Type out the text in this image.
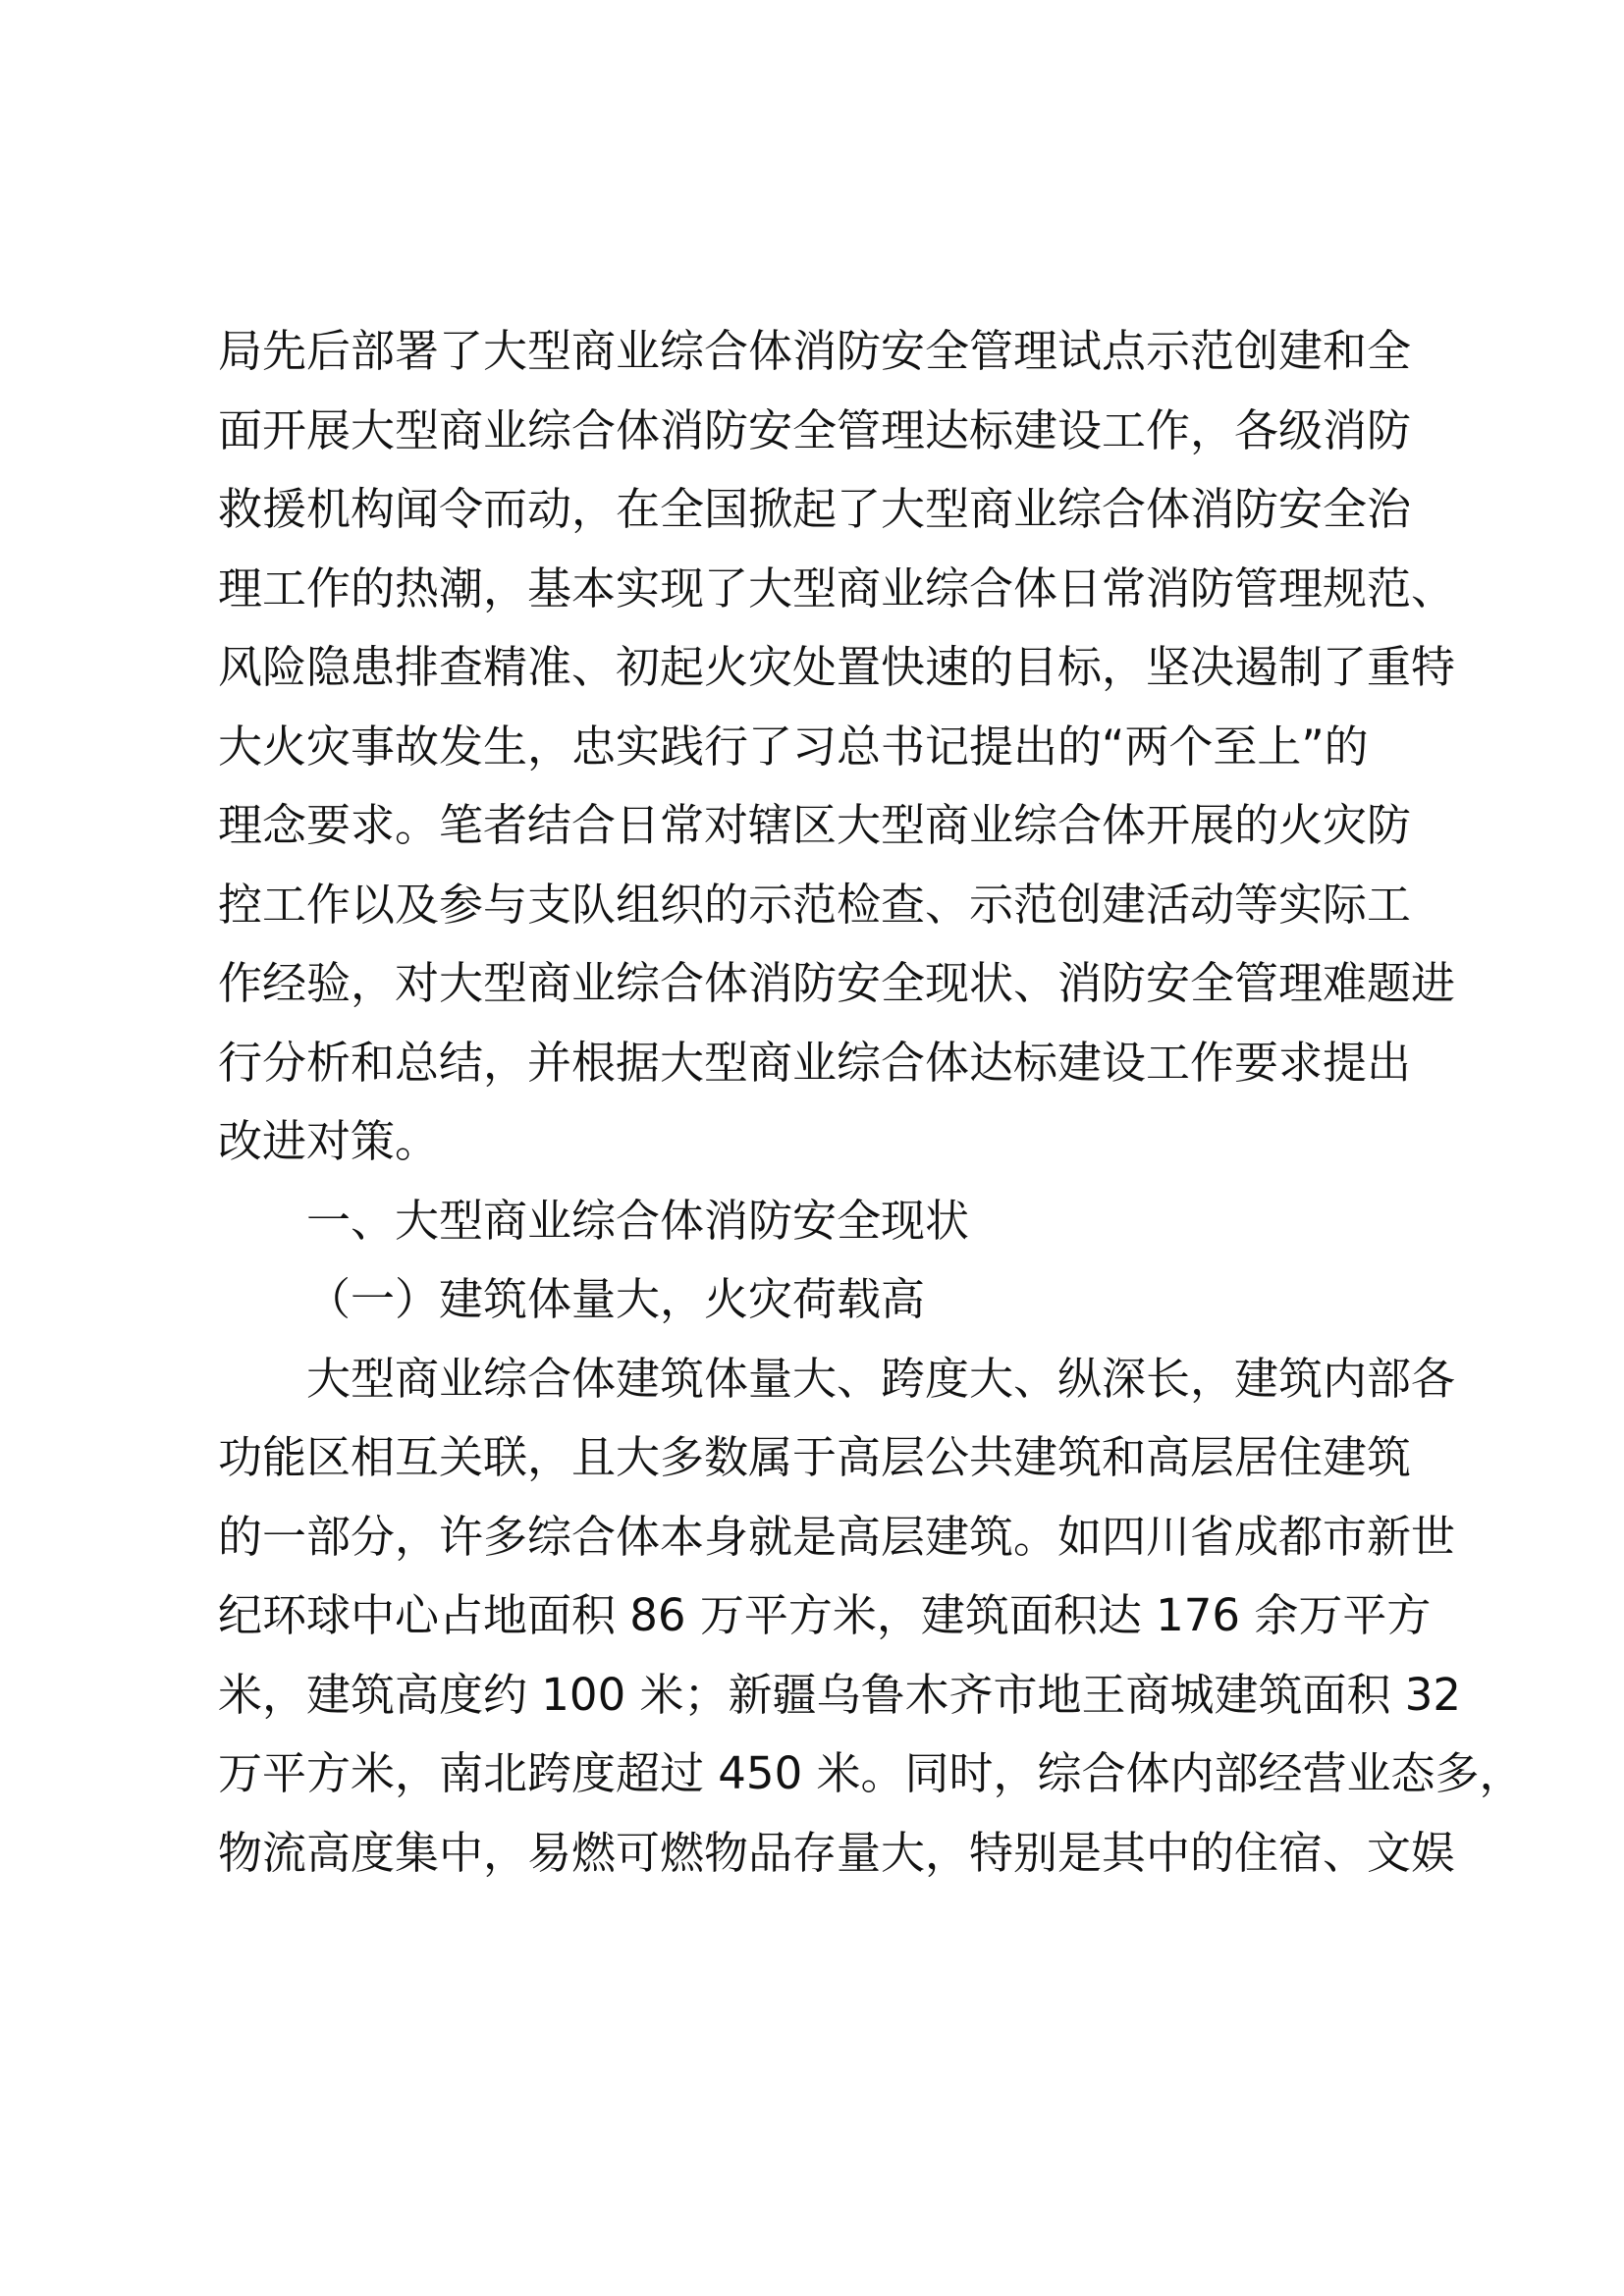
局先后部署了大型商业综合体消防安全管理试点示范创建和全
面开展大型商业综合体消防安全管理达标建设工作，各级消防
救援机构闻令而动，在全国掀起了大型商业综合体消防安全治
理工作的热潮，基本实现了大型商业综合体日常消防管理规范、
风险隐患排查精准、初起火灾处置快速的目标，坚决遏制了重特
大火灾事故发生，忠实践行了习总书记提出的“两个至上”的
理念要求。笔者结合日常对辖区大型商业综合体开展的火灾防
控工作以及参与支队组织的示范检查、示范创建活动等实际工
作经验，对大型商业综合体消防安全现状、消防安全管理难题进
行分析和总结，并根据大型商业综合体达标建设工作要求提出
改进对策。
一、大型商业综合体消防安全现状
（一）建筑体量大，火灾荷载高
大型商业综合体建筑体量大、跨度大、纵深长，建筑内部各
功能区相互关联，且大多数属于高层公共建筑和高层居住建筑
的一部分，许多综合体本身就是高层建筑。如四川省成都市新世
纪环球中心占地面积 86 万平方米，建筑面积达 176 余万平方
米，建筑高度约 100 米；新疆乌鲁木齐市地王商城建筑面积 32
万平方米，南北跨度超过 450 米。同时，综合体内部经营业态多，
物流高度集中，易燃可燃物品存量大，特别是其中的住宿、文娱
